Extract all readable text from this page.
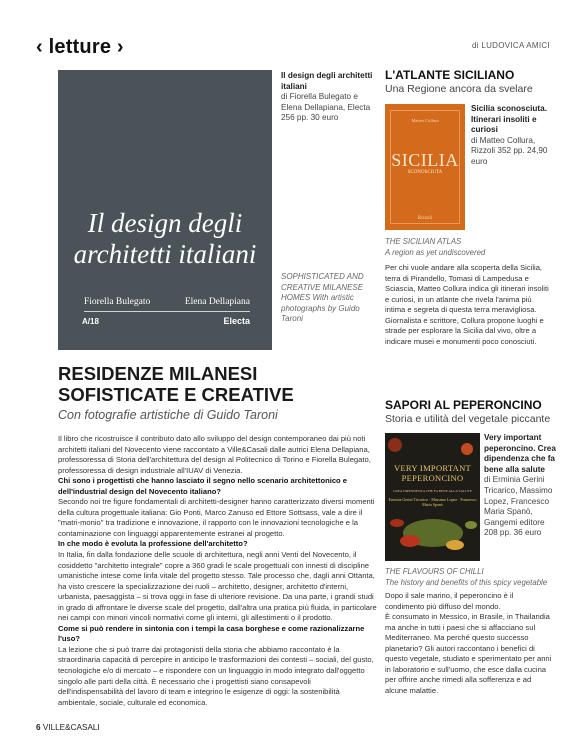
‹ letture ›	di LUDOVICA AMICI
Il design degli architetti italiani
Fiorella Bulegato	Elena Dellapiana
A/18	Electa
Il design degli architetti italiani
di Fiorella Bulegato e Elena Dellapiana, Electa 256 pp. 30 euro
SOPHISTICATED AND CREATIVE MILANESE HOMES With artistic photographs by Guido Taroni
RESIDENZE MILANESI SOFISTICATE E CREATIVE
Con fotografie artistiche di Guido Taroni

Il libro che ricostruisce il contributo dato allo sviluppo del design contemporaneo dai più noti architetti italiani del Novecento viene raccontato a Ville&Casali dalle autrici Elena Dellapiana, professoressa di Storia dell'architettura del design al Politecnico di Torino e Fiorella Bulegato, professoressa di design industriale all'IUAV di Venezia.

Chi sono i progettisti che hanno lasciato il segno nello scenario architettonico e dell'industrial design del Novecento italiano?

Secondo noi tre figure fondamentali di architetti-designer hanno caratterizzato diversi momenti della cultura progettuale italiana: Gio Ponti, Marco Zanuso ed Ettore Sottsass, vale a dire il "matri-monio" tra tradizione e innovazione, il rapporto con le innovazioni tecnologiche e la contaminazione con linguaggi apparentemente estranei al progetto.

In che modo è evoluta la professione dell'architetto?

In Italia, fin dalla fondazione delle scuole di architettura, negli anni Venti del Novecento, il cosiddetto "architetto integrale" copre a 360 gradi le scale progettuali con innesti di discipline umanistiche intese come linfa vitale del progetto stesso. Tale processo che, dagli anni Ottanta, ha visto crescere la specializzazione dei ruoli – architetto, designer, architetto d'interni, urbanista, paesaggista – si trova oggi in fase di ulteriore revisione. Da una parte, i grandi studi in grado di affrontare le diverse scale del progetto, dall'altra una pratica più fluida, in particolare nei campi con minori vincoli normativi come gli interni, gli allestimenti o il prodotto.

Come si può rendere in sintonia con i tempi la casa borghese e come razionalizzarne l'uso?

La lezione che si può trarre dai protagonisti della storia che abbiamo raccontato è la straordinaria capacità di percepire in anticipo le trasformazioni dei contesti – sociali, del gusto, tecnologiche e/o di mercato – e rispondere con un linguaggio in modo integrato dall'oggetto singolo alle parti della città. È necessario che i progettisti siano consapevoli dell'indispensabilità del lavoro di team e integrino le esigenze di oggi: la sostenibilità ambientale, sociale, culturale ed economica.

6 VILLE&CASALI
L'ATLANTE SICILIANO
Una Regione ancora da svelare
Matteo Collura
SICILIA
SCONOSCIUTA
Rizzoli
Sicilia sconosciuta. Itinerari insoliti e curiosi
di Matteo Collura, Rizzoli 352 pp. 24,90 euro
THE SICILIAN ATLAS
A region as yet undiscovered

Per chi vuole andare alla scoperta della Sicilia, terra di Pirandello, Tomasi di Lampedusa e Sciascia, Matteo Collura indica gli itinerari insoliti e curiosi, in un atlante che rivela l'anima più intima e segreta di questa terra meravigliosa.

Giornalista e scrittore, Collura propone luoghi e strade per esplorare la Sicilia dal vivo, oltre a indicare musei e monumenti poco conosciuti.

SAPORI AL PEPERONCINO
Storia e utilità del vegetale piccante
VERY IMPORTANT
PEPERONCINO
CREA DIPENDENZA CHE FA BENE ALLA SALUTE
Erminia Gerini Tricarico · Massimo Lopez · Francesco Maria Spanò
Very important peperoncino. Crea dipendenza che fa bene alla salute
di Erminia Gerini Tricarico, Massimo Lopez, Francesco Maria Spanò, Gangemi editore 208 pp. 36 euro
THE FLAVOURS OF CHILLI
The history and benefits of this spicy vegetable

Dopo il sale marino, il peperoncino è il condimento più diffuso del mondo.

È consumato in Messico, in Brasile, in Thailandia ma anche in tutti i paesi che si affacciano sul Mediterraneo. Ma perché questo successo planetario? Gli autori raccontano i benefici di questo vegetale, studiato e sperimentato per anni in laboratorio e sull'uomo, che esce dalla cucina per offrire anche rimedi alla sofferenza e ad alcune malattie.
